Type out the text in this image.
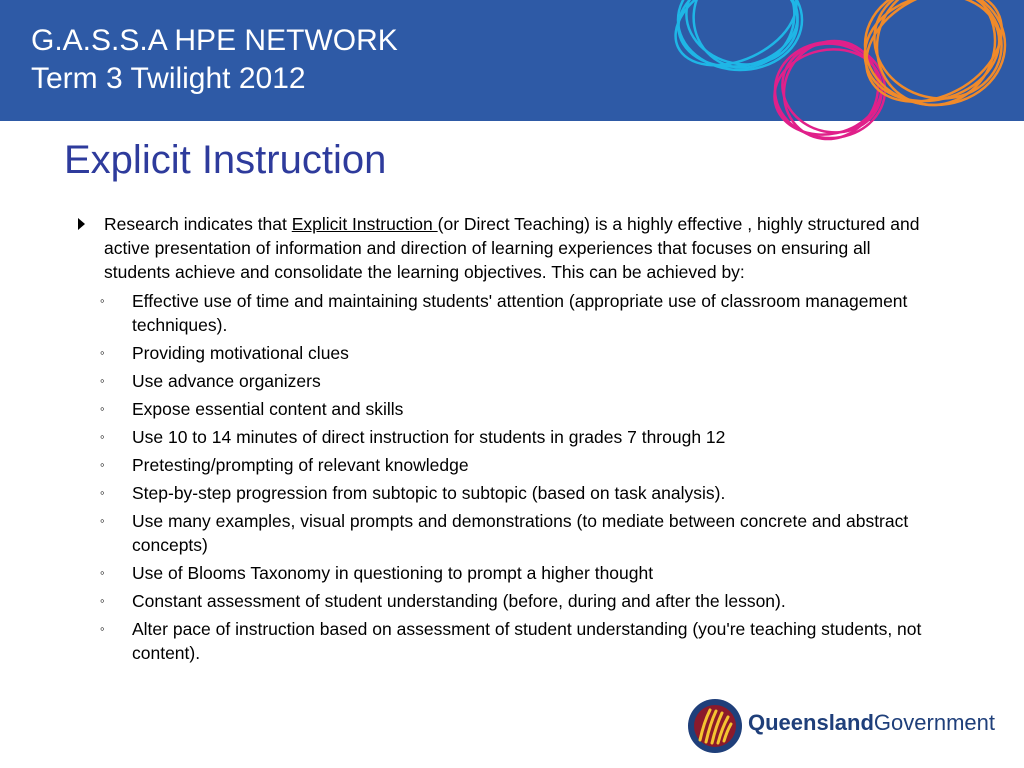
G.A.S.S.A HPE NETWORK
Term 3 Twilight 2012
Explicit Instruction
Research indicates that Explicit Instruction (or Direct Teaching) is a highly effective , highly structured and active presentation of information and direction of learning experiences that focuses on ensuring all students achieve and consolidate the learning objectives. This can be achieved by:
◦ Effective use of time and maintaining students' attention (appropriate use of classroom management techniques).
◦ Providing motivational clues
◦ Use advance organizers
◦ Expose essential content and skills
◦ Use 10 to 14 minutes of direct instruction for students in grades 7 through 12
◦ Pretesting/prompting of relevant knowledge
◦ Step-by-step progression from subtopic to subtopic (based on task analysis).
◦ Use many examples, visual prompts and demonstrations (to mediate between concrete and abstract concepts)
◦ Use of Blooms Taxonomy in questioning to prompt a higher thought
◦ Constant assessment of student understanding (before, during and after the lesson).
◦ Alter pace of instruction based on assessment of student understanding (you're teaching students, not content).
QueenslandGovernment
